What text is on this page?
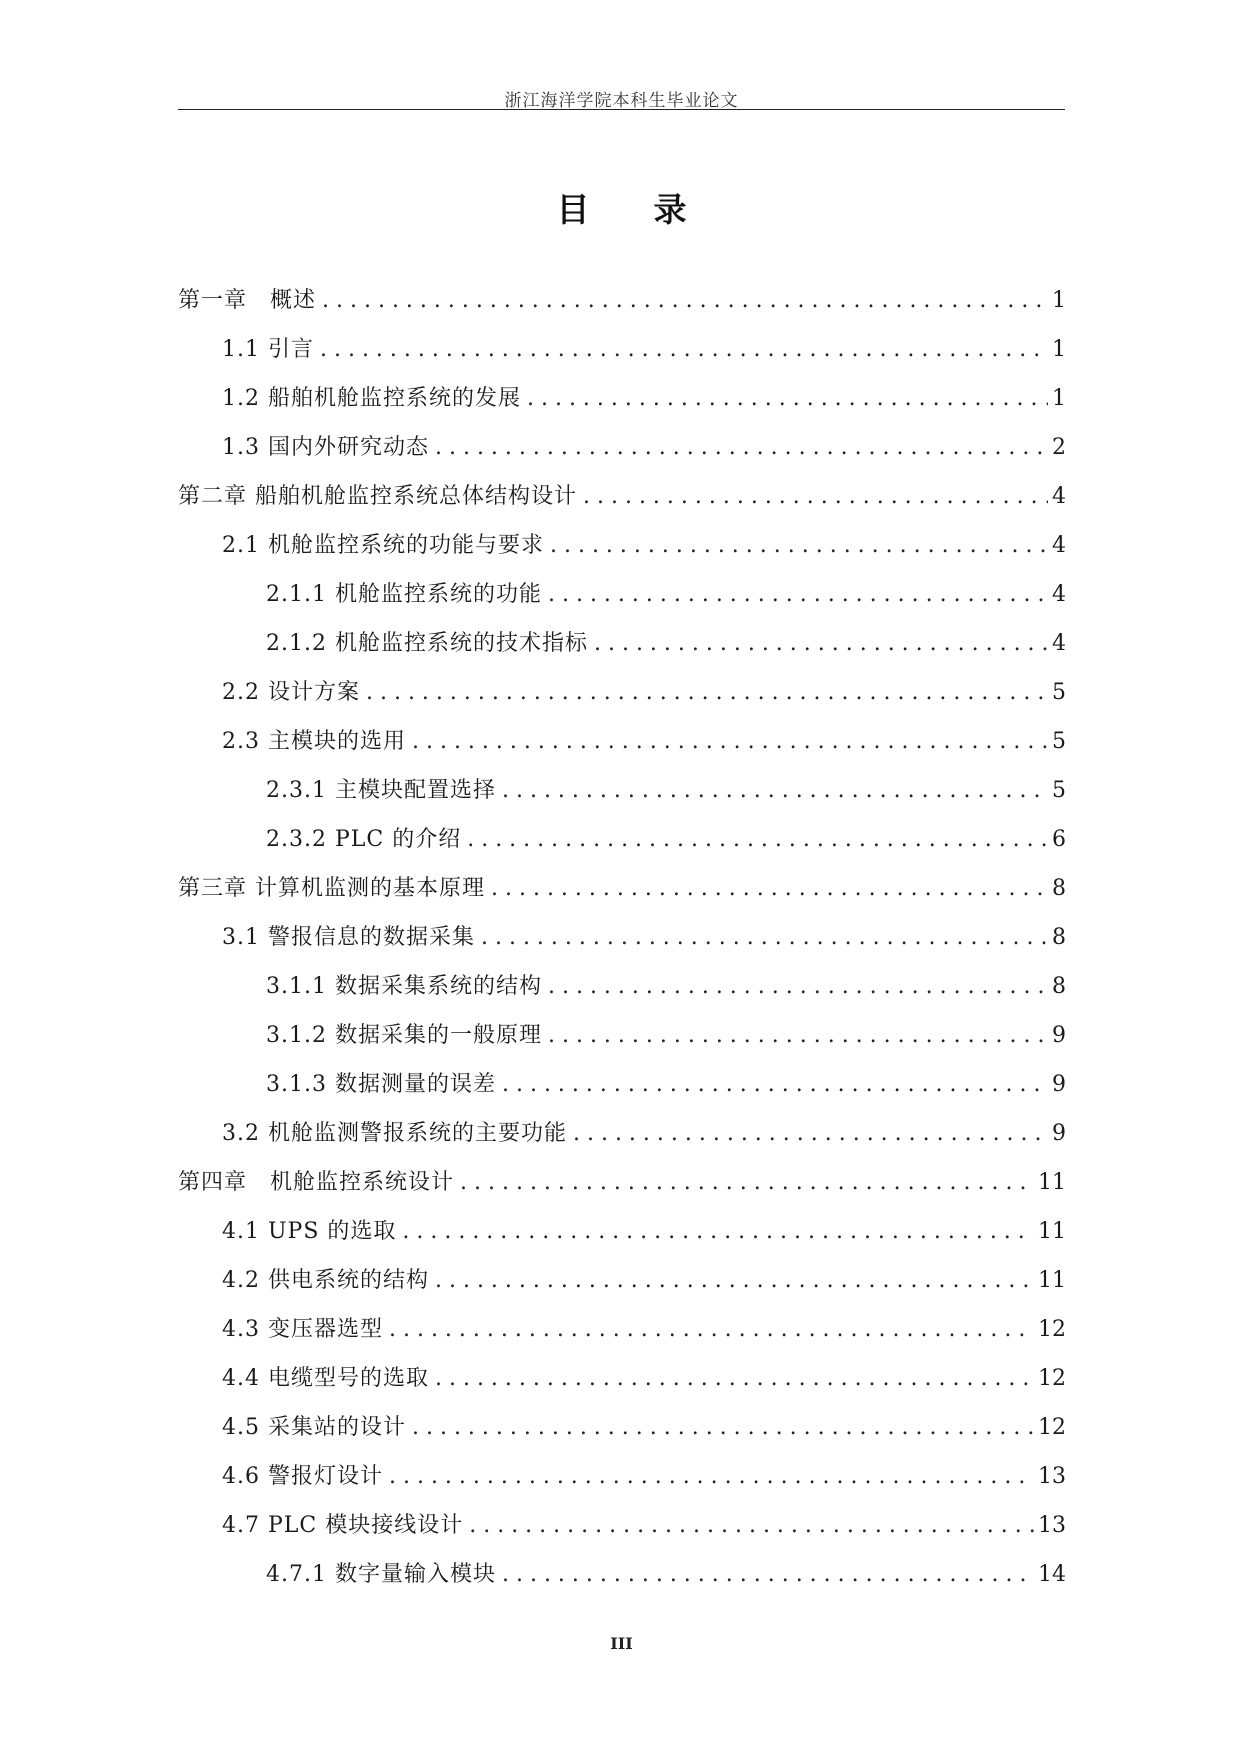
浙江海洋学院本科生毕业论文
目录
第一章　概述 . . .	1
1.1 引言 . . .	1
1.2 船舶机舱监控系统的发展 . . .	1
1.3 国内外研究动态 . . .	2
第二章 船舶机舱监控系统总体结构设计 . . .	4
2.1 机舱监控系统的功能与要求 . . .	4
2.1.1 机舱监控系统的功能 . . .	4
2.1.2 机舱监控系统的技术指标 . . .	4
2.2 设计方案 . . .	5
2.3 主模块的选用 . . .	5
2.3.1 主模块配置选择 . . .	5
2.3.2 PLC 的介绍 . . .	6
第三章 计算机监测的基本原理 . . .	8
3.1 警报信息的数据采集 . . .	8
3.1.1 数据采集系统的结构 . . .	8
3.1.2 数据采集的一般原理 . . .	9
3.1.3 数据测量的误差 . . .	9
3.2 机舱监测警报系统的主要功能 . . .	9
第四章　机舱监控系统设计 . . .	11
4.1 UPS 的选取 . . .	11
4.2 供电系统的结构 . . .	11
4.3 变压器选型 . . .	12
4.4 电缆型号的选取 . . .	12
4.5 采集站的设计 . . .	12
4.6 警报灯设计 . . .	13
4.7 PLC 模块接线设计 . . .	13
4.7.1 数字量输入模块 . . .	14
III
